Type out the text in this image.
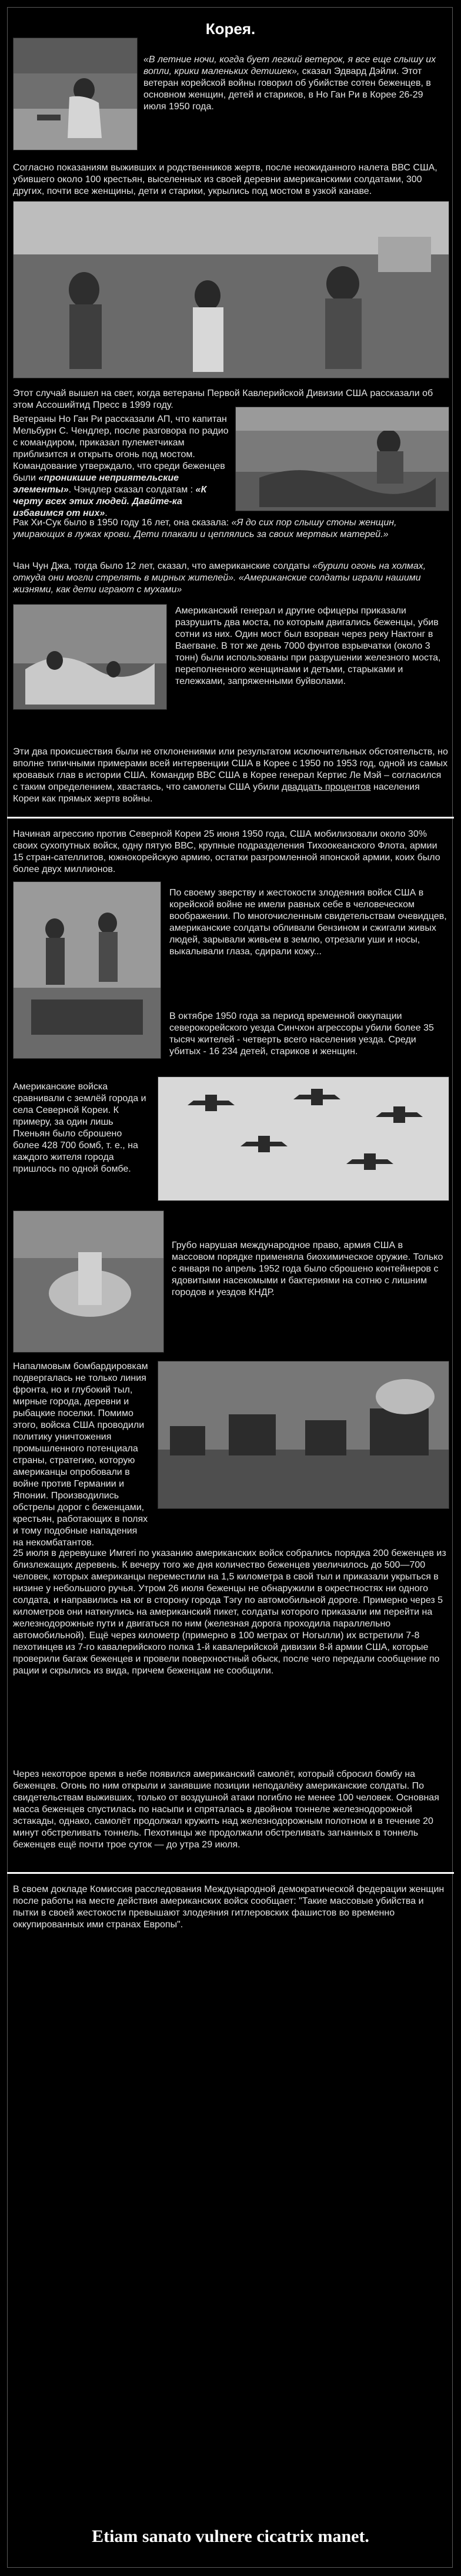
Корея.
«В летние ночи, когда бует легкий ветерок, я все еще слышу их вопли, крики маленьких детишек», сказал Эдвард Дэйли. Этот ветеран корейской войны говорил об убийстве сотен беженцев, в основном женщин, детей и стариков, в Но Ган Ри в Корее 26-29 июля 1950 года.
Согласно показаниям выживших и родственников жертв, после неожиданного налета ВВС США, убившего около 100 крестьян, выселенных из своей деревни американскими солдатами, 300 других, почти все женщины, дети и старики, укрылись под мостом в узкой канаве.
Этот случай вышел на свет, когда ветераны Первой Кавлерийской Дивизии США рассказали об этом Ассошийтид Пресс в 1999 году.
Ветераны Но Ган Ри рассказали АП, что капитан Мельбурн С. Чендлер, после разговора по радио с командиром, приказал пулеметчикам приблизится и открыть огонь под мостом. Командование утверждало, что среди беженцев были «проникшие неприятельские элементы». Чэндлер сказал солдатам : «К черту всех этих людей. Давйте-ка избавимся от них».
Рак Хи-Сук было в 1950 году 16 лет, она сказала: «Я до сих пор слышу стоны женщин, умирающих в лужах крови. Дети плакали и цеплялись за своих мертвых матерей.»
Чан Чун Джа, тогда было 12 лет, сказал, что американские солдаты «бурили огонь на холмах, откуда они могли стрелять в мирных жителей». «Американские солдаты играли нашими жизнями, как дети играют с мухами»
Американский генерал и другие офицеры приказали разрушить два моста, по которым двигались беженцы, убив сотни из них. Один мост был взорван через реку Нактонг в Ваегване. В тот же день 7000 фунтов взрывчатки (около 3 тонн) были использованы при разрушении железного моста, переполненного женщинами и детьми, старыками и тележками, запряженными буйволами.
Эти два происшествия были не отклонениями или результатом исключительных обстоятельств, но вполне типичными примерами всей интервенции США в Корее с 1950 по 1953 год, одной из самых кровавых глав в истории США. Командир ВВС США в Корее генерал Кертис Ле Мэй – согласился с таким определением, хвастаясь, что самолеты США убили двадцать процентов населения Кореи как прямых жертв войны.
Начиная агрессию против Северной Кореи 25 июня 1950 года, США мобилизовали около 30% своих сухопутных войск, одну пятую ВВС, крупные подразделения Тихоокеанского Флота, армии 15 стран-сателлитов, южнокорейскую армию, остатки разгромленной японской армии, коих было более двух миллионов.
По своему зверству и жестокости злодеяния войск США в корейской войне не имели равных себе в человеческом воображении. По многочисленным свидетельствам очевидцев, американские солдаты обливали бензином и сжигали живых людей, зарывали живьем в землю, отрезали уши и носы, выкалывали глаза, сдирали кожу...
В октябре 1950 года за период временной оккупации северокорейского уезда Синчхон агрессоры убили более 35 тысяч жителей - четверть всего населения уезда. Среди убитых - 16 234 детей, стариков и женщин.
Американские войска сравнивали с землёй города и села Северной Кореи. К примеру, за один лишь Пхеньян было сброшено более 428 700 бомб, т. е., на каждого жителя города пришлось по одной бомбе.
Грубо нарушая международное право, армия США в массовом порядке применяла биохимическое оружие. Только с января по апрель 1952 года было сброшено контейнеров с ядовитыми насекомыми и бактериями на сотню с лишним городов и уездов КНДР.
Напалмовым бомбардировкам подвергалась не только линия фронта, но и глубокий тыл, мирные города, деревни и рыбацкие поселки. Помимо этого, войска США проводили политику уничтожения промышленного потенциала страны, стратегию, которую американцы опробовали в войне против Германии и Японии. Производились обстрелы дорог с беженцами, крестьян, работающих в полях и тому подобные нападения на некомбатантов.
25 июля в деревушке Имгеri по указанию американских войск собрались порядка 200 беженцев из близлежащих деревень. К вечеру того же дня количество беженцев увеличилось до 500—700 человек, которых американцы переместили на 1,5 километра в свой тыл и приказали укрыться в низине у небольшого ручья. Утром 26 июля беженцы не обнаружили в окрестностях ни одного солдата, и направились на юг в сторону города Тэгу по автомобильной дороге. Примерно через 5 километров они наткнулись на американский пикет, солдаты которого приказали им перейти на железнодорожные пути и двигаться по ним (железная дорога проходила параллельно автомобильной). Ещё через километр (примерно в 100 метрах от Ногылли) их встретили 7-8 пехотинцев из 7-го кавалерийского полка 1-й кавалерийской дивизии 8-й армии США, которые проверили багаж беженцев и провели поверхностный обыск, после чего передали сообщение по рации и скрылись из вида, причем беженцам не сообщили.
Через некоторое время в небе появился американский самолёт, который сбросил бомбу на беженцев. Огонь по ним открыли и занявшие позиции неподалёку американские солдаты. По свидетельствам выживших, только от воздушной атаки погибло не менее 100 человек. Основная масса беженцев спустилась по насыпи и спряталась в двойном тоннеле железнодорожной эстакады, однако, самолёт продолжал кружить над железнодорожным полотном и в течение 20 минут обстреливать тоннель. Пехотинцы же продолжали обстреливать загнанных в тоннель беженцев ещё почти трое суток — до утра 29 июля.
В своем докладе Комиссия расследования Международной демократической федерации женщин после работы на месте действия американских войск сообщает: "Такие массовые убийства и пытки в своей жестокости превышают злодеяния гитлеровских фашистов во временно оккупированных ими странах Европы".
Etiam sanato vulnere cicatrix manet.
